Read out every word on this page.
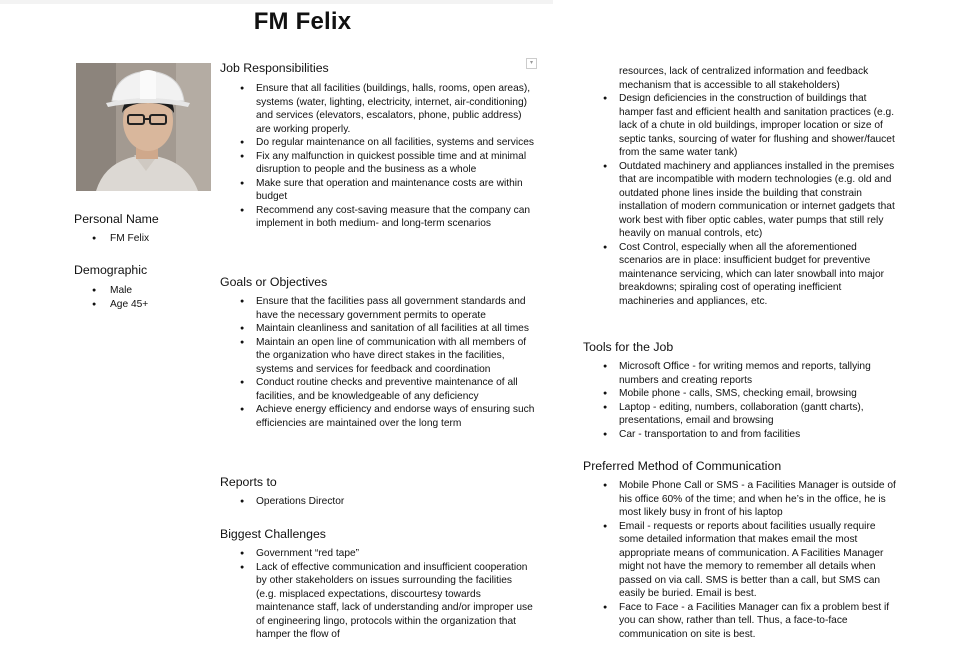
FM Felix
▾
Personal Name
● FM Felix
Demographic
● Male
● Age 45+
Job Responsibilities
● Ensure that all facilities (buildings, halls, rooms, open areas), systems (water, lighting, electricity, internet, air-conditioning) and services (elevators, escalators, phone, public address) are working properly.
● Do regular maintenance on all facilities, systems and services
● Fix any malfunction in quickest possible time and at minimal disruption to people and the business as a whole
● Make sure that operation and maintenance costs are within budget
● Recommend any cost-saving measure that the company can implement in both medium- and long-term scenarios
Goals or Objectives
● Ensure that the facilities pass all government standards and have the necessary government permits to operate
● Maintain cleanliness and sanitation of all facilities at all times
● Maintain an open line of communication with all members of the organization who have direct stakes in the facilities, systems and services for feedback and coordination
● Conduct routine checks and preventive maintenance of all facilities, and be knowledgeable of any deficiency
● Achieve energy efficiency and endorse ways of ensuring such efficiencies are maintained over the long term
Reports to
● Operations Director
Biggest Challenges
● Government “red tape”
● Lack of effective communication and insufficient cooperation by other stakeholders on issues surrounding the facilities (e.g. misplaced expectations, discourtesy towards maintenance staff, lack of understanding and/or improper use of engineering lingo, protocols within the organization that hamper the flow of
resources, lack of centralized information and feedback mechanism that is accessible to all stakeholders)
● Design deficiencies in the construction of buildings that hamper fast and efficient health and sanitation practices (e.g. lack of a chute in old buildings, improper location or size of septic tanks, sourcing of water for flushing and shower/faucet from the same water tank)
● Outdated machinery and appliances installed in the premises that are incompatible with modern technologies (e.g. old and outdated phone lines inside the building that constrain installation of modern communication or internet gadgets that work best with fiber optic cables, water pumps that still rely heavily on manual controls, etc)
● Cost Control, especially when all the aforementioned scenarios are in place: insufficient budget for preventive maintenance servicing, which can later snowball into major breakdowns; spiraling cost of operating inefficient machineries and appliances, etc.
Tools for the Job
● Microsoft Office - for writing memos and reports, tallying numbers and creating reports
● Mobile phone - calls, SMS, checking email, browsing
● Laptop - editing, numbers, collaboration (gantt charts), presentations, email and browsing
● Car - transportation to and from facilities
Preferred Method of Communication
● Mobile Phone Call or SMS - a Facilities Manager is outside of his office 60% of the time; and when he’s in the office, he is most likely busy in front of his laptop
● Email - requests or reports about facilities usually require some detailed information that makes email the most appropriate means of communication. A Facilities Manager might not have the memory to remember all details when passed on via call. SMS is better than a call, but SMS can easily be buried. Email is best.
● Face to Face - a Facilities Manager can fix a problem best if you can show, rather than tell. Thus, a face-to-face communication on site is best.
